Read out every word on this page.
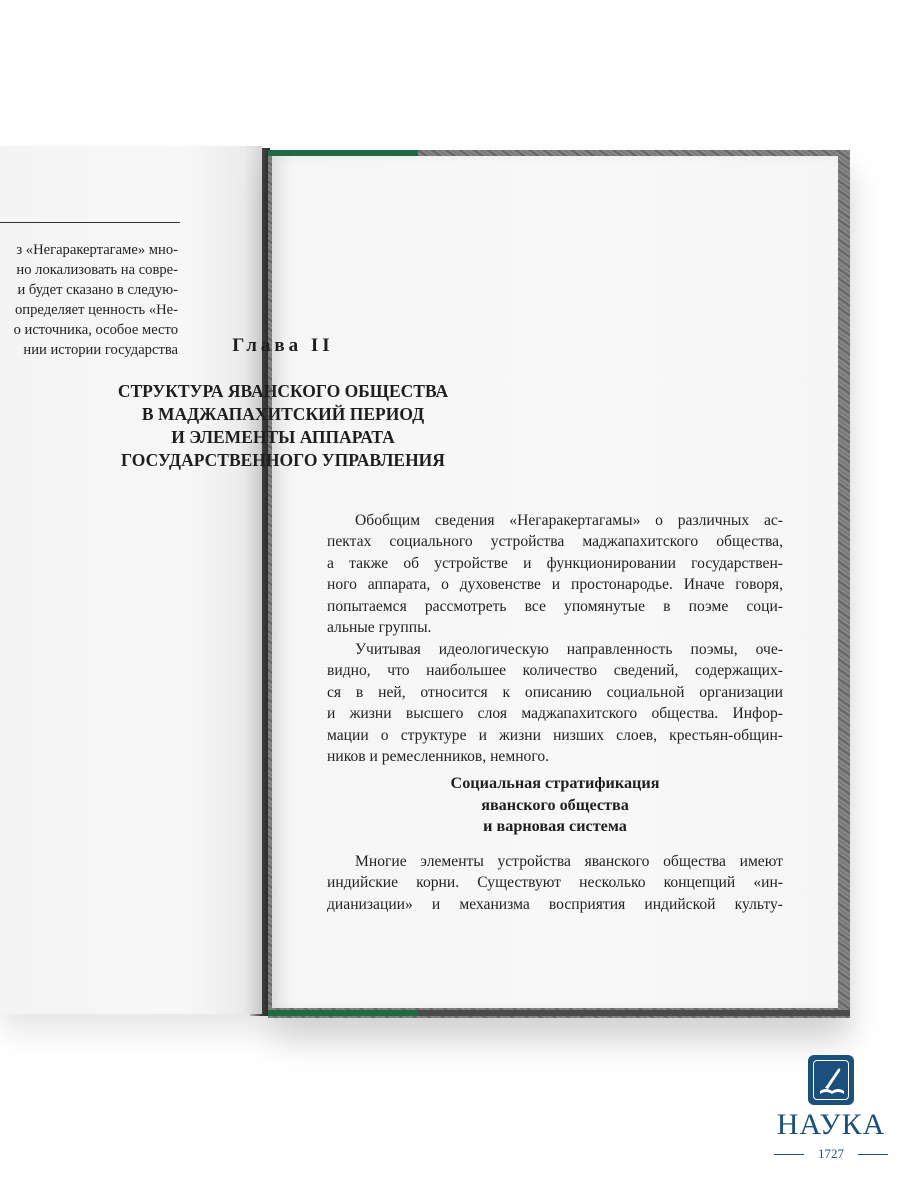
з «Негаракертагаме» мно-
но локализовать на совре-
и будет сказано в следую-
определяет ценность «Не-
о источника, особое место
нии истории государства	Глава II
СТРУКТУРА ЯВАНСКОГО ОБЩЕСТВА
В МАДЖАПАХИТСКИЙ ПЕРИОД
И ЭЛЕМЕНТЫ АППАРАТА
ГОСУДАРСТВЕННОГО УПРАВЛЕНИЯ
Обобщим сведения «Негаракертагамы» о различных ас-
пектах социального устройства маджапахитского общества,
а также об устройстве и функционировании государствен-
ного аппарата, о духовенстве и простонародье. Иначе говоря,
попытаемся рассмотреть все упомянутые в поэме соци-
альные группы.
Учитывая идеологическую направленность поэмы, оче-
видно, что наибольшее количество сведений, содержащих-
ся в ней, относится к описанию социальной организации
и жизни высшего слоя маджапахитского общества. Инфор-
мации о структуре и жизни низших слоев, крестьян-общин-
ников и ремесленников, немного.
Социальная стратификация
яванского общества
и варновая система
Многие элементы устройства яванского общества имеют
индийские корни. Существуют несколько концепций «ин-
дианизации» и механизма восприятия индийской культу-
НАУКА
1727
